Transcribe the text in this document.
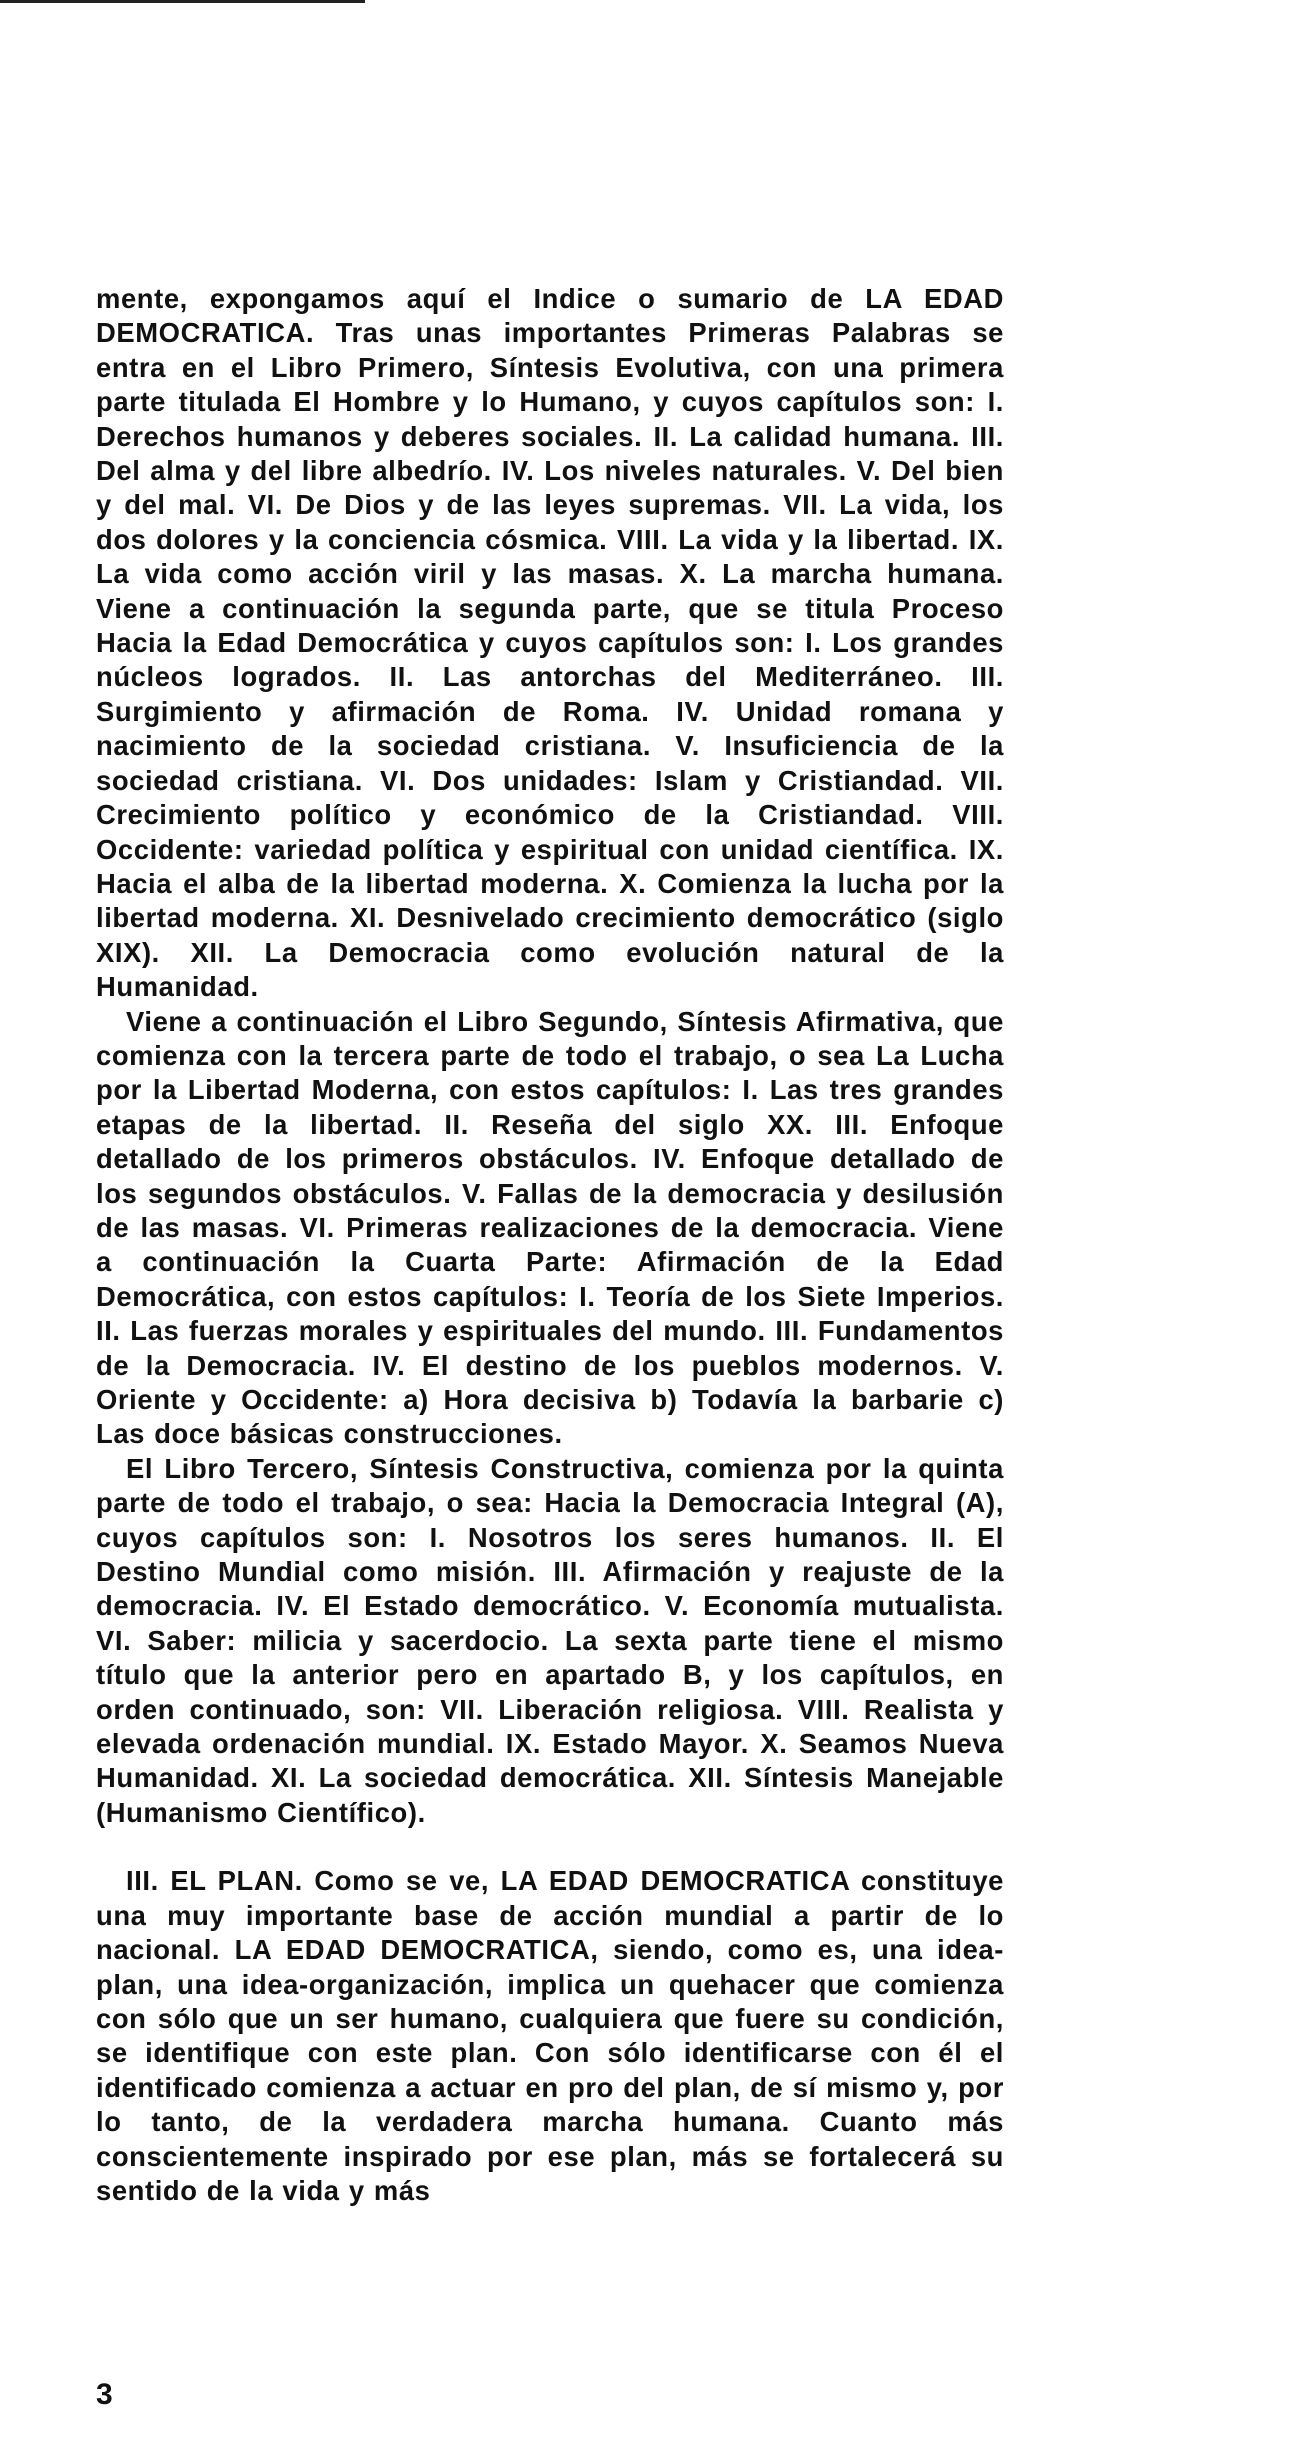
mente, expongamos aquí el Indice o sumario de LA EDAD DEMOCRATICA. Tras unas importantes Primeras Palabras se entra en el Libro Primero, Síntesis Evolutiva, con una primera parte titulada El Hombre y lo Humano, y cuyos capítulos son: I. Derechos humanos y deberes sociales. II. La calidad humana. III. Del alma y del libre albedrío. IV. Los niveles naturales. V. Del bien y del mal. VI. De Dios y de las leyes supremas. VII. La vida, los dos dolores y la conciencia cósmica. VIII. La vida y la libertad. IX. La vida como acción viril y las masas. X. La marcha humana. Viene a continuación la segunda parte, que se titula Proceso Hacia la Edad Democrática y cuyos capítulos son: I. Los grandes núcleos logrados. II. Las antorchas del Mediterráneo. III. Surgimiento y afirmación de Roma. IV. Unidad romana y nacimiento de la sociedad cristiana. V. Insuficiencia de la sociedad cristiana. VI. Dos unidades: Islam y Cristiandad. VII. Crecimiento político y económico de la Cristiandad. VIII. Occidente: variedad política y espiritual con unidad científica. IX. Hacia el alba de la libertad moderna. X. Comienza la lucha por la libertad moderna. XI. Desnivelado crecimiento democrático (siglo XIX). XII. La Democracia como evolución natural de la Humanidad.

Viene a continuación el Libro Segundo, Síntesis Afirmativa, que comienza con la tercera parte de todo el trabajo, o sea La Lucha por la Libertad Moderna, con estos capítulos: I. Las tres grandes etapas de la libertad. II. Reseña del siglo XX. III. Enfoque detallado de los primeros obstáculos. IV. Enfoque detallado de los segundos obstáculos. V. Fallas de la democracia y desilusión de las masas. VI. Primeras realizaciones de la democracia. Viene a continuación la Cuarta Parte: Afirmación de la Edad Democrática, con estos capítulos: I. Teoría de los Siete Imperios. II. Las fuerzas morales y espirituales del mundo. III. Fundamentos de la Democracia. IV. El destino de los pueblos modernos. V. Oriente y Occidente: a) Hora decisiva b) Todavía la barbarie c) Las doce básicas construcciones.

El Libro Tercero, Síntesis Constructiva, comienza por la quinta parte de todo el trabajo, o sea: Hacia la Democracia Integral (A), cuyos capítulos son: I. Nosotros los seres humanos. II. El Destino Mundial como misión. III. Afirmación y reajuste de la democracia. IV. El Estado democrático. V. Economía mutualista. VI. Saber: milicia y sacerdocio. La sexta parte tiene el mismo título que la anterior pero en apartado B, y los capítulos, en orden continuado, son: VII. Liberación religiosa. VIII. Realista y elevada ordenación mundial. IX. Estado Mayor. X. Seamos Nueva Humanidad. XI. La sociedad democrática. XII. Síntesis Manejable (Humanismo Científico).

III. EL PLAN. Como se ve, LA EDAD DEMOCRATICA constituye una muy importante base de acción mundial a partir de lo nacional. LA EDAD DEMOCRATICA, siendo, como es, una idea-plan, una idea-organización, implica un quehacer que comienza con sólo que un ser humano, cualquiera que fuere su condición, se identifique con este plan. Con sólo identificarse con él el identificado comienza a actuar en pro del plan, de sí mismo y, por lo tanto, de la verdadera marcha humana. Cuanto más conscientemente inspirado por ese plan, más se fortalecerá su sentido de la vida y más

3
